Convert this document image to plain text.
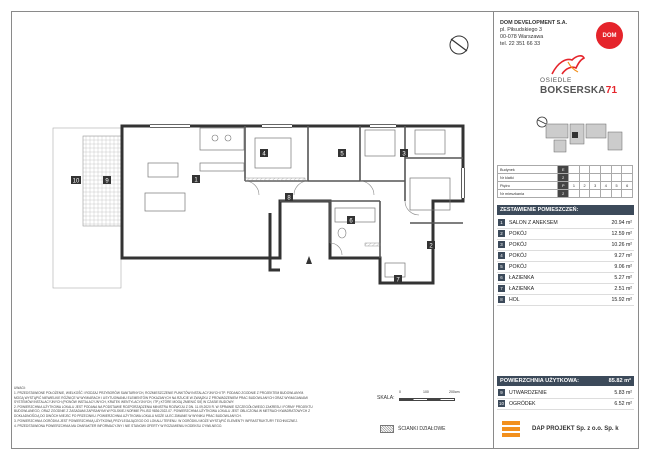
1
2
3
4	5
6
7
8
9
10
DOM DEVELOPMENT S.A.
pl. Piłsudskiego 3
00-078 Warszawa
tel. 22 351 66 33
DOM
OSIEDLE
BOKSERSKA71
Budynek	E						
Nr klatki	2						
Piętro	P	1	2	3	4	5	6
Nr mieszkania	2						
ZESTAWIENIE POMIESZCZEŃ:
1	SALON Z ANEKSEM	20.94 m²
2	POKÓJ	12.59 m²
3	POKÓJ	10.26 m²
4	POKÓJ	9.27 m²
5	POKÓJ	9.06 m²
6	ŁAZIENKA	5.27 m²
7	ŁAZIENKA	2.51 m²
8	HOL	15.92 m²
POWIERZCHNIA UŻYTKOWA:	85.82 m²
9	UTWARDZENIE	5.83 m²
10 OGRÓDEK	6.52 m²
DAP PROJEKT Sp. z o.o. Sp. k
SKALA:
0	100	200cm
ŚCIANKI DZIAŁOWE

UWAGI:

1. PRZEDSTAWIONE POŁOŻENIE, WIELKOŚĆ I RODZAJ PRZYBORÓW SANITARNYCH, ROZMIESZCZENIE PUNKTÓW INSTALACYJNYCH ITP. PODANO ZGODNIE Z PROJEKTEM BUDOWLANYM. MOGĄ WYSTĄPIĆ NIEWIELKIE RÓŻNICE W WYMIARACH I USYTUOWANIU ELEMENTÓW POKAZANYCH NA RZUCIE W ZWIĄZKU Z PROWADZENIEM PRAC BUDOWLANYCH ORAZ WYMAGANIAMI SYSTEMÓW INSTALACYJNYCH (PIONÓW INSTALACYJNYCH, KRATEK WENTYLACYJNYCH, ITP.) KTÓRE MOGĄ ZMIENIĆ SIĘ W CZASIE BUDOWY.

2. POWIERZCHNIA UŻYTKOWA LOKALU JEST PODANA NA PODSTAWIE ROZPORZĄDZENIA MINISTRA ROZWOJU Z DN. 11.09.2020 R. W SPRAWIE SZCZEGÓŁOWEGO ZAKRESU I FORMY PROJEKTU BUDOWLANEGO, ORAZ ZGODNIE Z ZASADAMI ZAPISANYMI W POLSKIEJ NORMIE PN-ISO 9836:2022-07. POWIERZCHNIA UŻYTKOWA LOKALU JEST OBLICZONA W METRACH KWADRATOWYCH Z DOKŁADNOŚCIĄ DO DWÓCH MIEJSC PO PRZECINKU. POWIERZCHNIA UŻYTKOWA LOKALU MOŻE ULEC ZMIANIE W WYNIKU PRAC BUDOWLANYCH.

3. POWIERZCHNIA OGRÓDKA JEST POWIERZCHNIĄ UŻYTKOWĄ PRZYLEGAJĄCEGO DO LOKALU TERENU. W OGRÓDKU MOŻE WYSTĄPIĆ ELEMENTY INFRASTRUKTURY TECHNICZNEJ.

4. PRZEDSTAWIONA POWIERZCHNIA MA CHARAKTER INFORMACYJNY I NIE STANOWI OFERTY W ROZUMIENIU KODEKSU CYWILNEGO.
